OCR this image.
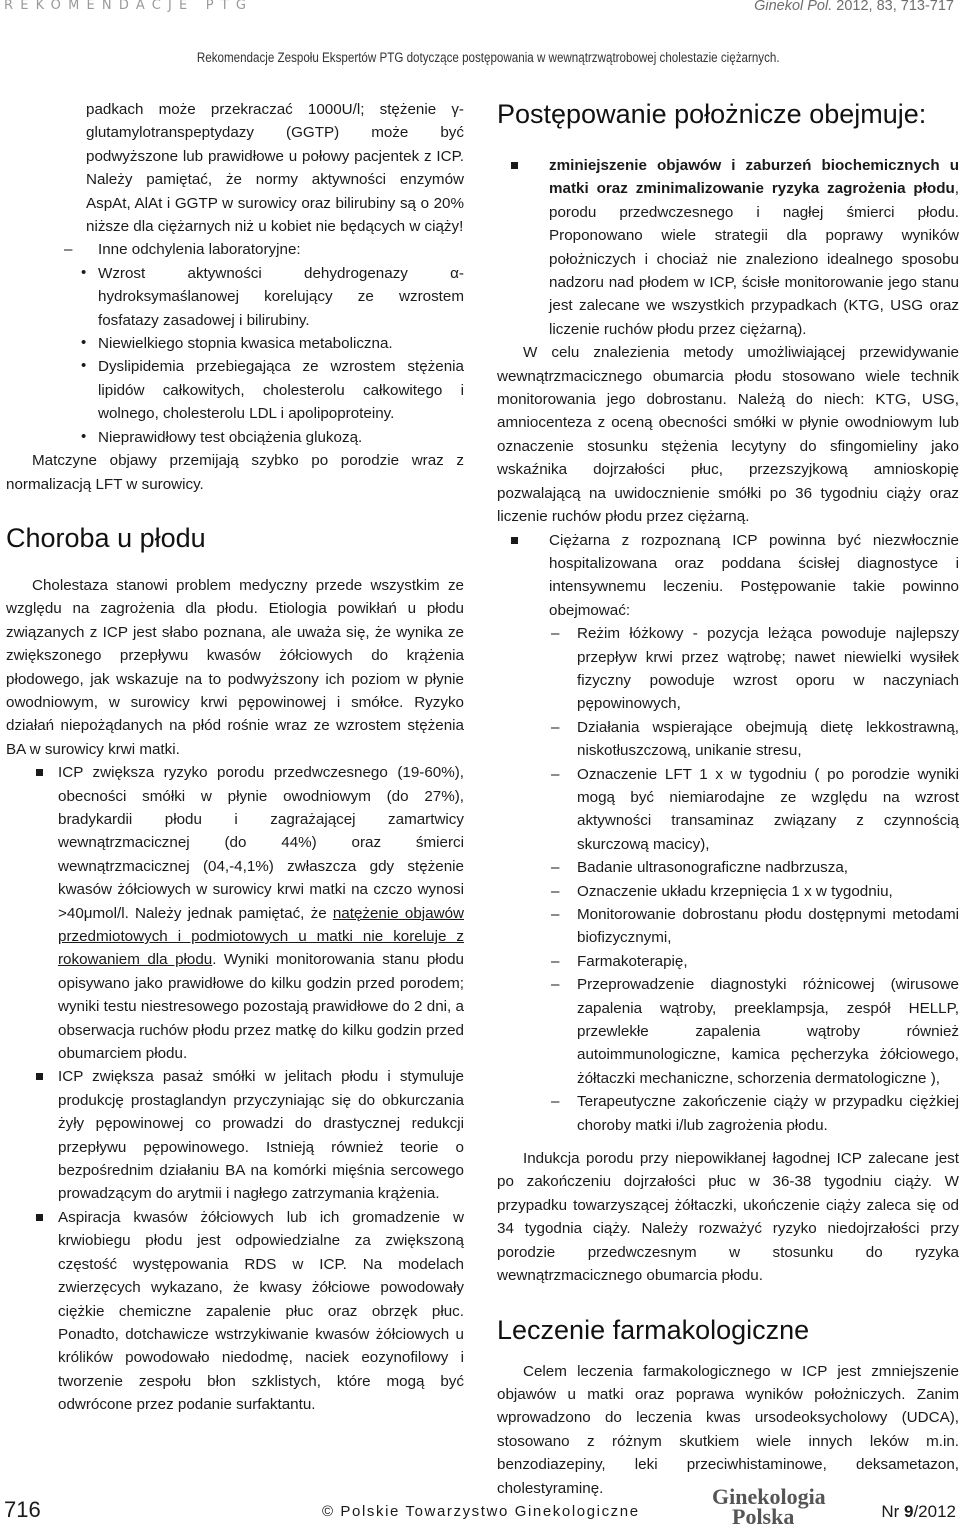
REKOMENDACJE PTG	Ginekol Pol. 2012, 83, 713-717
Rekomendacje Zespołu Ekspertów PTG dotyczące postępowania w wewnątrzwątrobowej cholestazie ciężarnych.

padkach może przekraczać 1000U/l; stężenie γ-glutamylotranspeptydazy (GGTP) może być podwyższone lub prawidłowe u połowy pacjentek z ICP. Należy pamiętać, że normy aktywności enzymów AspAt, AlAt i GGTP w surowicy oraz bilirubiny są o 20% niższe dla ciężarnych niż u kobiet nie będących w ciąży!

– Inne odchylenia laboratoryjne:
• Wzrost aktywności dehydrogenazy α-hydroksymaślanowej korelujący ze wzrostem fosfatazy zasadowej i bilirubiny.
• Niewielkiego stopnia kwasica metaboliczna.
• Dyslipidemia przebiegająca ze wzrostem stężenia lipidów całkowitych, cholesterolu całkowitego i wolnego, cholesterolu LDL i apolipoproteiny.
• Nieprawidłowy test obciążenia glukozą.

Matczyne objawy przemijają szybko po porodzie wraz z normalizacją LFT w surowicy.

Choroba u płodu

Cholestaza stanowi problem medyczny przede wszystkim ze względu na zagrożenia dla płodu. Etiologia powikłań u płodu związanych z ICP jest słabo poznana, ale uważa się, że wynika ze zwiększonego przepływu kwasów żółciowych do krążenia płodowego, jak wskazuje na to podwyższony ich poziom w płynie owodniowym, w surowicy krwi pępowinowej i smółce. Ryzyko działań niepożądanych na płód rośnie wraz ze wzrostem stężenia BA w surowicy krwi matki.

ICP zwiększa ryzyko porodu przedwczesnego (19-60%), obecności smółki w płynie owodniowym (do 27%), bradykardii płodu i zagrażającej zamartwicy wewnątrzmacicznej (do 44%) oraz śmierci wewnątrzmacicznej (04,-4,1%) zwłaszcza gdy stężenie kwasów żółciowych w surowicy krwi matki na czczo wynosi >40μmol/l. Należy jednak pamiętać, że natężenie objawów przedmiotowych i podmiotowych u matki nie koreluje z rokowaniem dla płodu. Wyniki monitorowania stanu płodu opisywano jako prawidłowe do kilku godzin przed porodem; wyniki testu niestresowego pozostają prawidłowe do 2 dni, a obserwacja ruchów płodu przez matkę do kilku godzin przed obumarciem płodu.
ICP zwiększa pasaż smółki w jelitach płodu i stymuluje produkcję prostaglandyn przyczyniając się do obkurczania żyły pępowinowej co prowadzi do drastycznej redukcji przepływu pępowinowego. Istnieją również teorie o bezpośrednim działaniu BA na komórki mięśnia sercowego prowadzącym do arytmii i nagłego zatrzymania krążenia.
Aspiracja kwasów żółciowych lub ich gromadzenie w krwiobiegu płodu jest odpowiedzialne za zwiększoną częstość występowania RDS w ICP. Na modelach zwierzęcych wykazano, że kwasy żółciowe powodowały ciężkie chemiczne zapalenie płuc oraz obrzęk płuc. Ponadto, dotchawicze wstrzykiwanie kwasów żółciowych u królików powodowało niedodmę, naciek eozynofilowy i tworzenie zespołu błon szklistych, które mogą być odwrócone przez podanie surfaktantu.
Postępowanie położnicze obejmuje:
zminiejszenie objawów i zaburzeń biochemicznych u matki oraz zminimalizowanie ryzyka zagrożenia płodu, porodu przedwczesnego i nagłej śmierci płodu. Proponowano wiele strategii dla poprawy wyników położniczych i chociaż nie znaleziono idealnego sposobu nadzoru nad płodem w ICP, ścisłe monitorowanie jego stanu jest zalecane we wszystkich przypadkach (KTG, USG oraz liczenie ruchów płodu przez ciężarną).

W celu znalezienia metody umożliwiającej przewidywanie wewnątrzmacicznego obumarcia płodu stosowano wiele technik monitorowania jego dobrostanu. Należą do niech: KTG, USG, amniocenteza z oceną obecności smółki w płynie owodniowym lub oznaczenie stosunku stężenia lecytyny do sfingomieliny jako wskaźnika dojrzałości płuc, przezszyjkową amnioskopię pozwalającą na uwidocznienie smółki po 36 tygodniu ciąży oraz liczenie ruchów płodu przez ciężarną.

Ciężarna z rozpoznaną ICP powinna być niezwłocznie hospitalizowana oraz poddana ścisłej diagnostyce i intensywnemu leczeniu. Postępowanie takie powinno obejmować:
– Reżim łóżkowy - pozycja leżąca powoduje najlepszy przepływ krwi przez wątrobę; nawet niewielki wysiłek fizyczny powoduje wzrost oporu w naczyniach pępowinowych,
– Działania wspierające obejmują dietę lekkostrawną, niskotłuszczową, unikanie stresu,
– Oznaczenie LFT 1 x w tygodniu ( po porodzie wyniki mogą być niemiarodajne ze względu na wzrost aktywności transaminaz związany z czynnością skurczową macicy),
– Badanie ultrasonograficzne nadbrzusza,
– Oznaczenie układu krzepnięcia 1 x w tygodniu,
– Monitorowanie dobrostanu płodu dostępnymi metodami biofizycznymi,
– Farmakoterapię,
– Przeprowadzenie diagnostyki różnicowej (wirusowe zapalenia wątroby, preeklampsja, zespół HELLP, przewlekłe zapalenia wątroby również autoimmunologiczne, kamica pęcherzyka żółciowego, żółtaczki mechaniczne, schorzenia dermatologiczne ),
– Terapeutyczne zakończenie ciąży w przypadku ciężkiej choroby matki i/lub zagrożenia płodu.

Indukcja porodu przy niepowikłanej łagodnej ICP zalecane jest po zakończeniu dojrzałości płuc w 36-38 tygodniu ciąży. W przypadku towarzyszącej żółtaczki, ukończenie ciąży zaleca się od 34 tygodnia ciąży. Należy rozważyć ryzyko niedojrzałości przy porodzie przedwczesnym w stosunku do ryzyka wewnątrzmacicznego obumarcia płodu.

Leczenie farmakologiczne

Celem leczenia farmakologicznego w ICP jest zmniejszenie objawów u matki oraz poprawa wyników położniczych. Zanim wprowadzono do leczenia kwas ursodeoksycholowy (UDCA), stosowano z różnym skutkiem wiele innych leków m.in. benzodiazepiny, leki przeciwhistaminowe, deksametazon, cholestyraminę.

716	© Polskie Towarzystwo Ginekologiczne
Ginekologia
Polska	Nr 9/2012
